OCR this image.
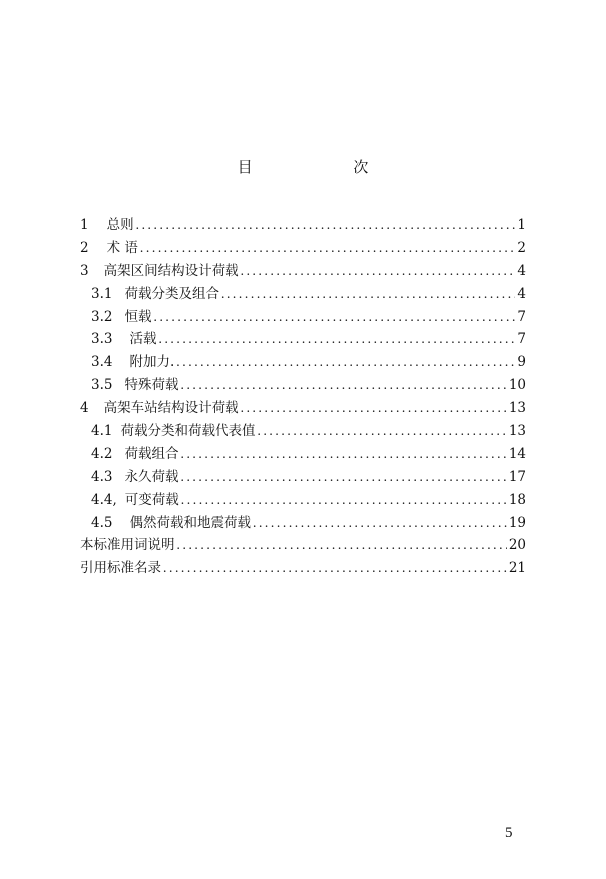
目 次
1 总则 .....	1
2 术 语 .....	2
3 高架区间结构设计荷载 .....	4
3.1 荷载分类及组合 .....	4
3.2 恒载 .....	7
3.3 活载 .....	7
3.4 附加力. .....	9
3.5 特殊荷载 .....	10
4 高架车站结构设计荷载 .....	13
4.1 荷载分类和荷载代表值 .....	13
4.2 荷载组合 .....	14
4.3 永久荷载 .....	17
4.4, 可变荷载 .....	18
4.5 偶然荷载和地震荷载 .....	19
本标准用词说明 .....	20
引用标准名录 .....	21
5
